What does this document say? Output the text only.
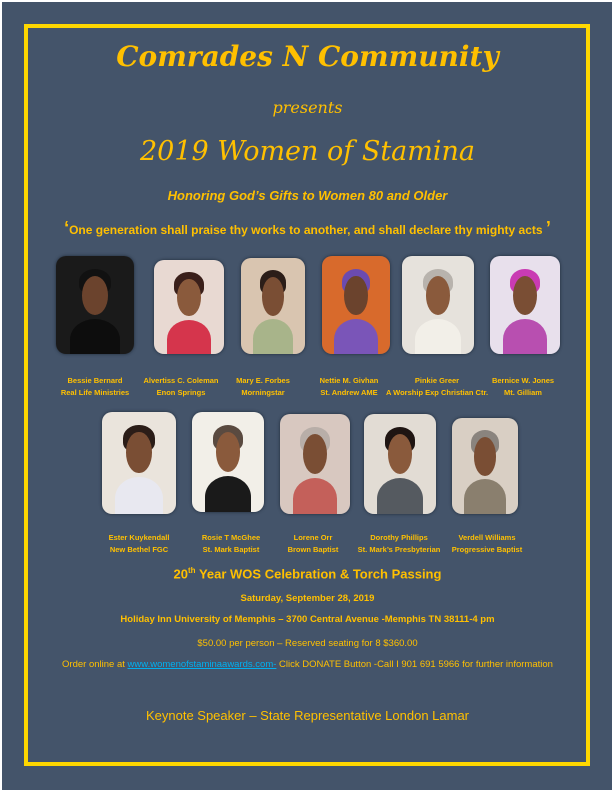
Comrades N Community
presents
2019 Women of Stamina
Honoring God’s Gifts to Women 80 and Older
‘One generation shall praise thy works to another, and shall declare thy mighty acts ’
Bessie Bernard
Real Life Ministries
Alvertiss C. Coleman
Enon Springs
Mary E. Forbes
Morningstar
Nettie M. Givhan
St. Andrew AME
Pinkie Greer
A Worship Exp Christian Ctr.
Bernice W. Jones
Mt. Gilliam
Ester Kuykendall
New Bethel FGC
Rosie T McGhee
St. Mark Baptist
Lorene Orr
Brown Baptist
Dorothy Phillips
St. Mark’s Presbyterian
Verdell Williams
Progressive Baptist
20th Year WOS Celebration & Torch Passing
Saturday, September 28, 2019
Holiday Inn University of Memphis – 3700 Central Avenue -Memphis TN 38111-4 pm
$50.00 per person – Reserved seating for 8 $360.00
Order online at www.womenofstaminaawards.com- Click DONATE Button -Call I 901 691 5966 for further information
Keynote Speaker – State Representative London Lamar
